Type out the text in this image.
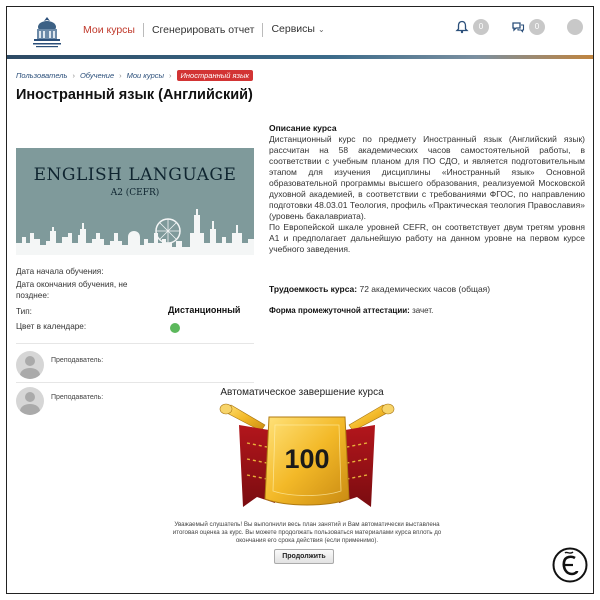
Мои курсы	Сгенерировать отчет	Сервисы ⌄	0	0
Пользователь › Обучение › Мои курсы ›	Иностранный язык
Иностранный язык (Английский)
ENGLISH LANGUAGE
A2 (CEFR)
Дата начала обучения:
Дата окончания обучения, не
позднее:
Тип:	Дистанционный
Цвет в календаре:
Преподаватель:
Преподаватель:
Описание курса
Дистанционный курс по предмету Иностранный язык (Английский язык) рассчитан на 58 академических часов самостоятельной работы, в соответствии с учебным планом для ПО СДО, и является подготовительным этапом для изучения дисциплины «Иностранный язык» Основной образовательной программы высшего образования, реализуемой Московской духовной академией, в соответствии с требованиями ФГОС, по направлению подготовки 48.03.01 Теология, профиль «Практическая теология Православия» (уровень бакалавриата).
По Европейской шкале уровней CEFR, он соответствует двум третям уровня А1 и предполагает дальнейшую работу на данном уровне на первом курсе учебного заведения.
Трудоемкость курса: 72 академических часов (общая)
Форма промежуточной аттестации: зачет.
Автоматическое завершение курса
100
Уважаемый слушатель! Вы выполнили весь план занятий и Вам автоматически выставлена итоговая оценка за курс. Вы можете продолжать пользоваться материалами курса вплоть до окончания его срока действия (если применимо).
Продолжить
